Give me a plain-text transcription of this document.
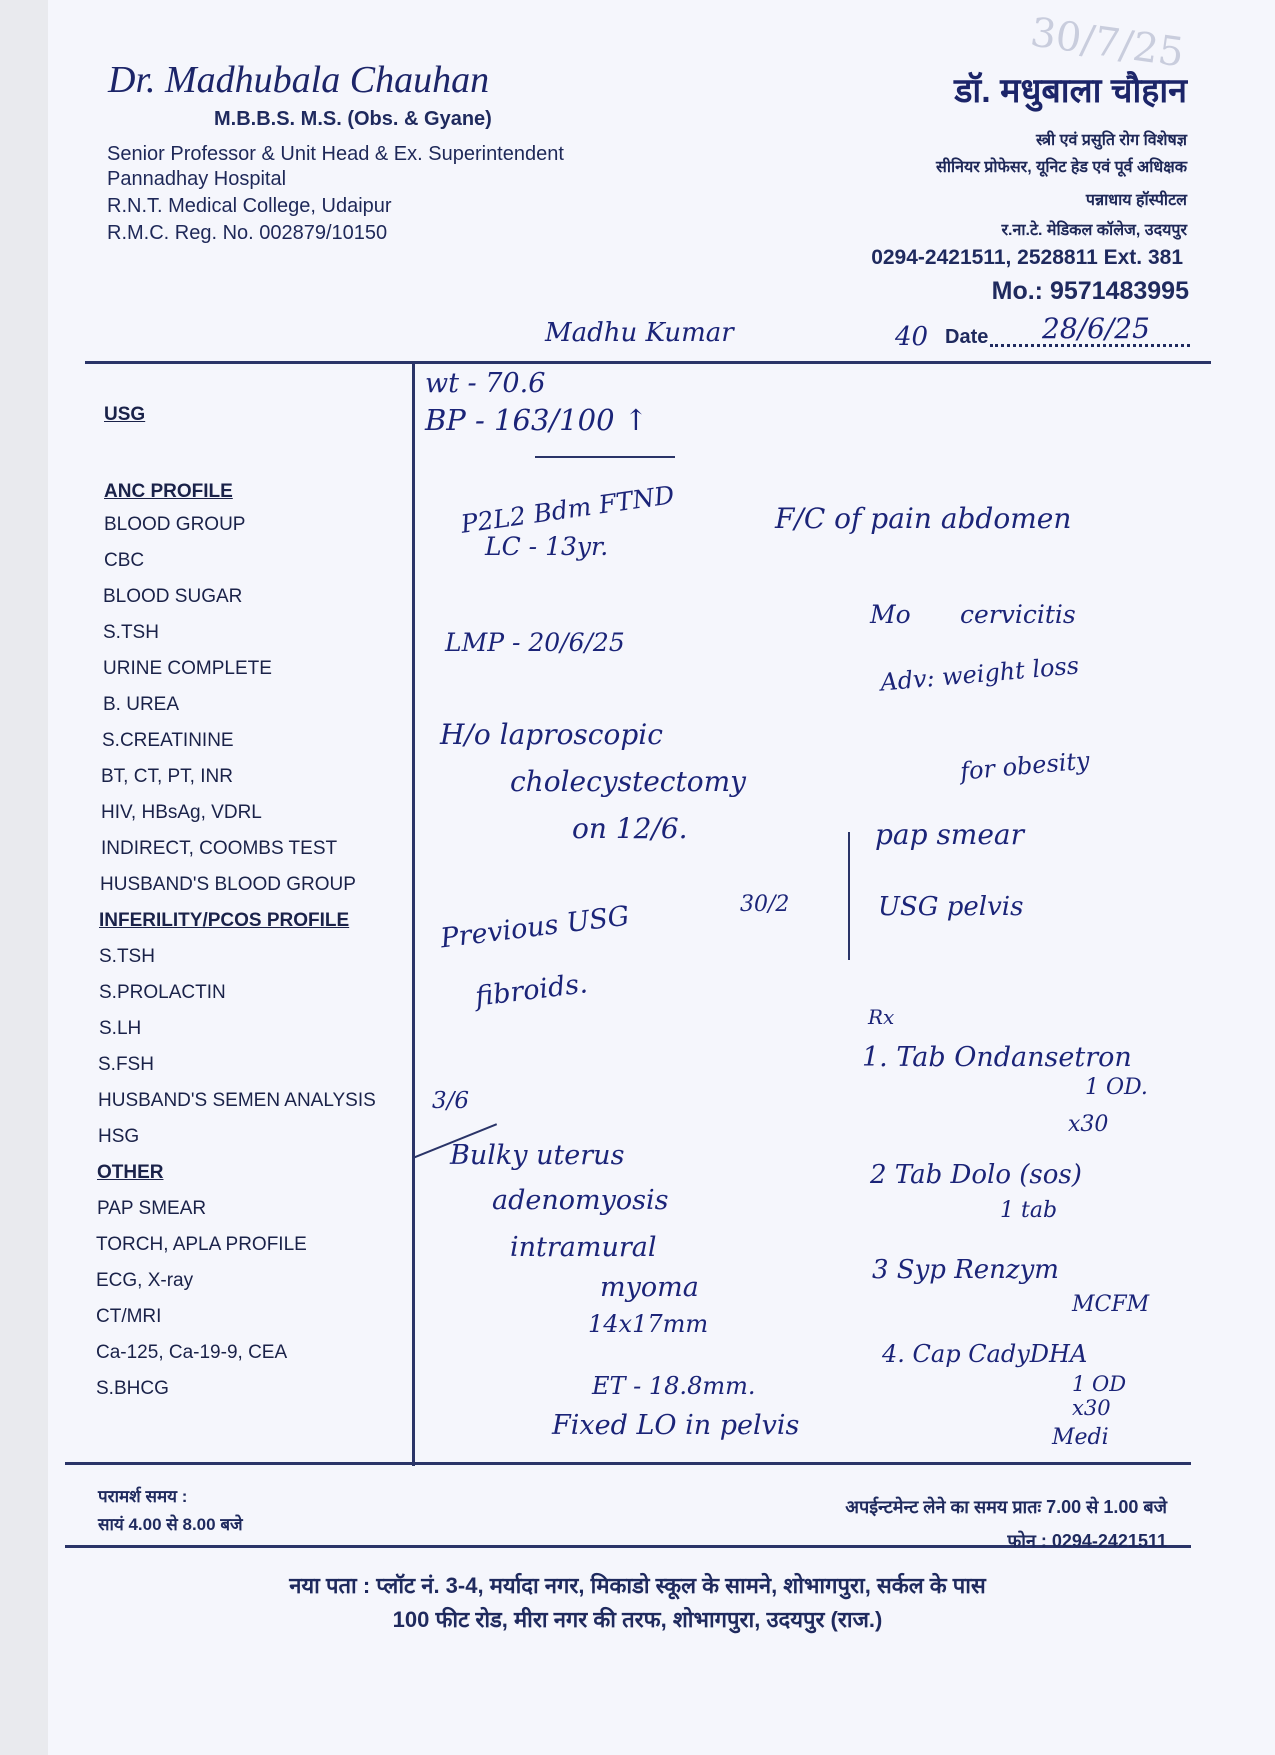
30/7/25
Dr. Madhubala Chauhan
M.B.B.S. M.S. (Obs. & Gyane)
Senior Professor & Unit Head & Ex. Superintendent
Pannadhay Hospital
R.N.T. Medical College, Udaipur
R.M.C. Reg. No. 002879/10150
डॉ. मधुबाला चौहान
स्त्री एवं प्रसुति रोग विशेषज्ञ
सीनियर प्रोफेसर, यूनिट हेड एवं पूर्व अधिक्षक
पन्नाधाय हॉस्पीटल
र.ना.टे. मेडिकल कॉलेज, उदयपुर
0294-2421511, 2528811 Ext. 381
Mo.: 9571483995
Date
USG
ANC PROFILE
BLOOD GROUP
CBC
BLOOD SUGAR
S.TSH
URINE COMPLETE
B. UREA
S.CREATININE
BT, CT, PT, INR
HIV, HBsAg, VDRL
INDIRECT, COOMBS TEST
HUSBAND'S BLOOD GROUP
INFERILITY/PCOS PROFILE
S.TSH
S.PROLACTIN
S.LH
S.FSH
HUSBAND'S SEMEN ANALYSIS
HSG
OTHER
PAP SMEAR
TORCH, APLA PROFILE
ECG, X-ray
CT/MRI
Ca-125, Ca-19-9, CEA
S.BHCG
Madhu Kumar	40	28/6/25
wt - 70.6
BP - 163/100 ↑
P2L2 Bdm FTND
LC - 13yr.
F/C of pain abdomen
Mo cervicitis
LMP - 20/6/25
Adv: weight loss
for obesity
H/o laproscopic
cholecystectomy
on 12/6.	pap smear
30/2	USG pelvis
Previous USG
fibroids.
Rx
1. Tab Ondansetron
1 OD.
x30
3/6
Bulky uterus
adenomyosis
intramural
myoma
14x17mm
ET - 18.8mm.
Fixed LO in pelvis
2 Tab Dolo (sos)
1 tab
3 Syp Renzym
MCFM
4. Cap CadyDHA
1 OD
x30
Medi
परामर्श समय :
सायं 4.00 से 8.00 बजे
अपईन्टमेन्ट लेने का समय प्रातः 7.00 से 1.00 बजे
फोन : 0294-2421511
नया पता : प्लॉट नं. 3-4, मर्यादा नगर, मिकाडो स्कूल के सामने, शोभागपुरा, सर्कल के पास
100 फीट रोड, मीरा नगर की तरफ, शोभागपुरा, उदयपुर (राज.)
